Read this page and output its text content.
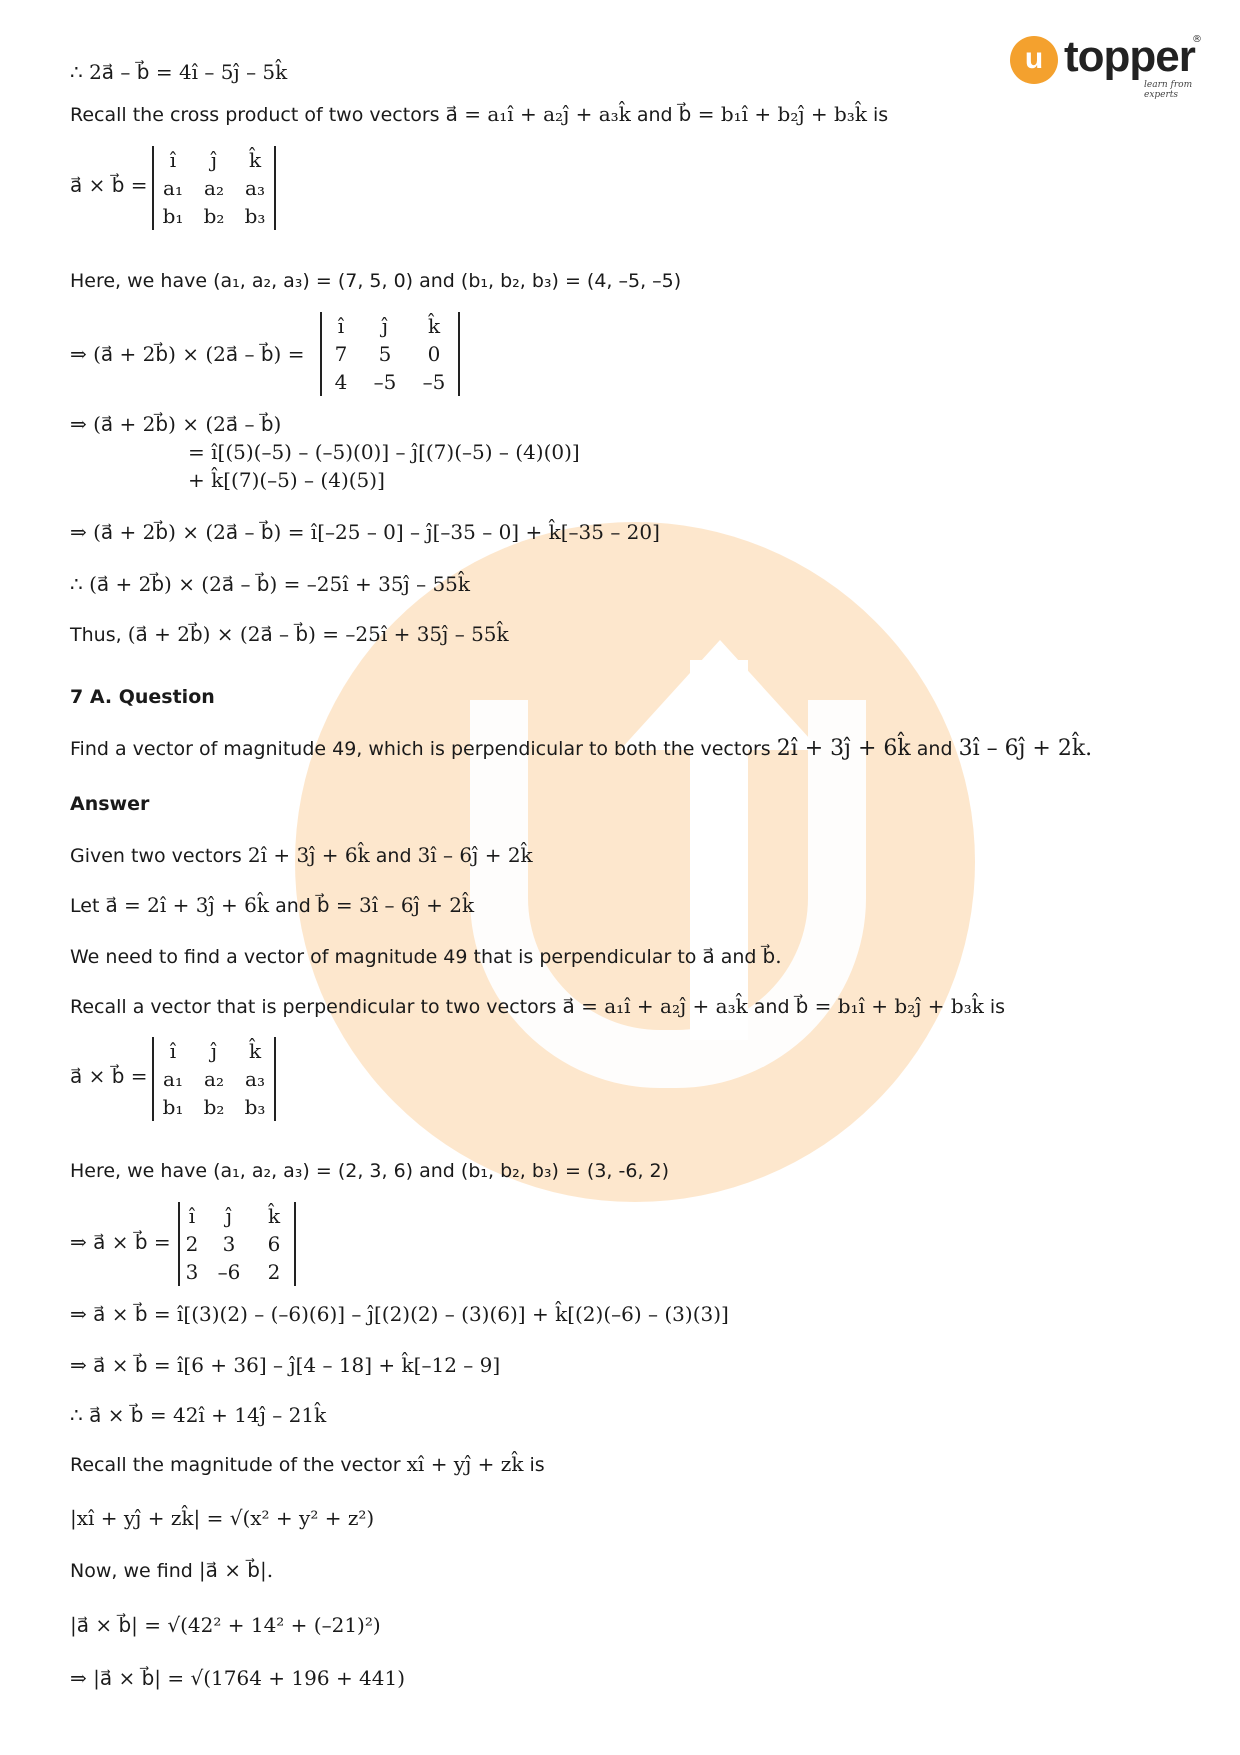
u topper
learn from experts
®
∴ 2a⃗ – b⃗ = 4î – 5ĵ – 5k̂
Recall the cross product of two vectors a⃗ = a₁î + a₂ĵ + a₃k̂ and b⃗ = b₁î + b₂ĵ + b₃k̂ is
a⃗ × b⃗ =
î	ĵ	k̂
a₁	a₂	a₃
b₁	b₂	b₃
Here, we have (a₁, a₂, a₃) = (7, 5, 0) and (b₁, b₂, b₃) = (4, –5, –5)
⇒ (a⃗ + 2b⃗) × (2a⃗ – b⃗) =
î	ĵ	k̂
7	5	0
4	–5	–5
⇒ (a⃗ + 2b⃗) × (2a⃗ – b⃗)
= î[(5)(–5) – (–5)(0)] – ĵ[(7)(–5) – (4)(0)]
+ k̂[(7)(–5) – (4)(5)]
⇒ (a⃗ + 2b⃗) × (2a⃗ – b⃗) = î[–25 – 0] – ĵ[–35 – 0] + k̂[–35 – 20]
∴ (a⃗ + 2b⃗) × (2a⃗ – b⃗) = –25î + 35ĵ – 55k̂
Thus, (a⃗ + 2b⃗) × (2a⃗ – b⃗) = –25î + 35ĵ – 55k̂
7 A. Question
Find a vector of magnitude 49, which is perpendicular to both the vectors 2î + 3ĵ + 6k̂ and 3î – 6ĵ + 2k̂.
Answer
Given two vectors 2î + 3ĵ + 6k̂ and 3î – 6ĵ + 2k̂
Let a⃗ = 2î + 3ĵ + 6k̂ and b⃗ = 3î – 6ĵ + 2k̂
We need to find a vector of magnitude 49 that is perpendicular to a⃗ and b⃗.
Recall a vector that is perpendicular to two vectors a⃗ = a₁î + a₂ĵ + a₃k̂ and b⃗ = b₁î + b₂ĵ + b₃k̂ is
a⃗ × b⃗ =
î	ĵ	k̂
a₁	a₂	a₃
b₁	b₂	b₃
Here, we have (a₁, a₂, a₃) = (2, 3, 6) and (b₁, b₂, b₃) = (3, -6, 2)
⇒ a⃗ × b⃗ =
î	ĵ	k̂
2	3	6
3	–6	2
⇒ a⃗ × b⃗ = î[(3)(2) – (–6)(6)] – ĵ[(2)(2) – (3)(6)] + k̂[(2)(–6) – (3)(3)]
⇒ a⃗ × b⃗ = î[6 + 36] – ĵ[4 – 18] + k̂[–12 – 9]
∴ a⃗ × b⃗ = 42î + 14ĵ – 21k̂
Recall the magnitude of the vector xî + yĵ + zk̂ is
|xî + yĵ + zk̂| = √(x² + y² + z²)
Now, we find |a⃗ × b⃗|.
|a⃗ × b⃗| = √(42² + 14² + (–21)²)
⇒ |a⃗ × b⃗| = √(1764 + 196 + 441)
